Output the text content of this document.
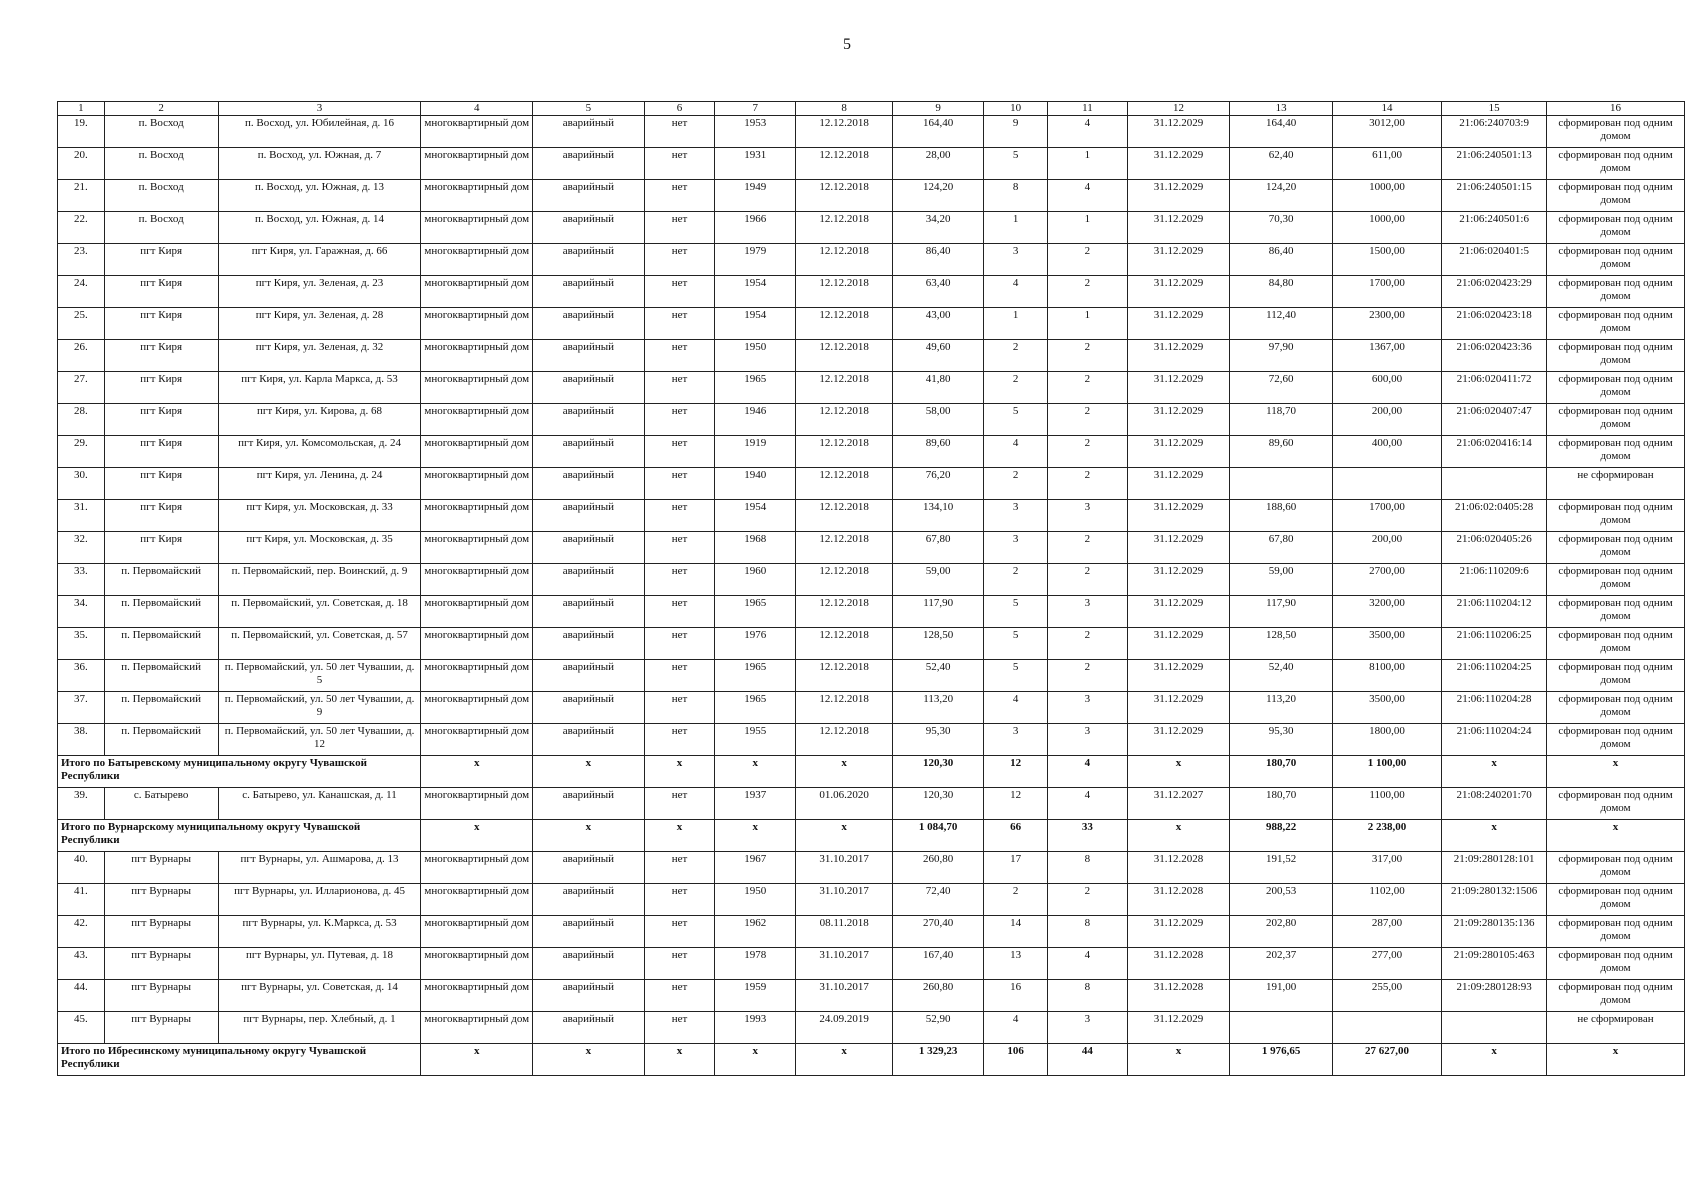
5
1	2	3	4	5	6	7	8	9	10	11	12	13	14	15	16
19.	п. Восход	п. Восход, ул. Юбилейная, д. 16	многоквартирный дом	аварийный	нет	1953	12.12.2018	164,40	9	4	31.12.2029	164,40	3012,00	21:06:240703:9	сформирован под одним домом
20.	п. Восход	п. Восход, ул. Южная, д. 7	многоквартирный дом	аварийный	нет	1931	12.12.2018	28,00	5	1	31.12.2029	62,40	611,00	21:06:240501:13	сформирован под одним домом
21.	п. Восход	п. Восход, ул. Южная, д. 13	многоквартирный дом	аварийный	нет	1949	12.12.2018	124,20	8	4	31.12.2029	124,20	1000,00	21:06:240501:15	сформирован под одним домом
22.	п. Восход	п. Восход, ул. Южная, д. 14	многоквартирный дом	аварийный	нет	1966	12.12.2018	34,20	1	1	31.12.2029	70,30	1000,00	21:06:240501:6	сформирован под одним домом
23.	пгт Киря	пгт Киря, ул. Гаражная, д. 66	многоквартирный дом	аварийный	нет	1979	12.12.2018	86,40	3	2	31.12.2029	86,40	1500,00	21:06:020401:5	сформирован под одним домом
24.	пгт Киря	пгт Киря, ул. Зеленая, д. 23	многоквартирный дом	аварийный	нет	1954	12.12.2018	63,40	4	2	31.12.2029	84,80	1700,00	21:06:020423:29	сформирован под одним домом
25.	пгт Киря	пгт Киря, ул. Зеленая, д. 28	многоквартирный дом	аварийный	нет	1954	12.12.2018	43,00	1	1	31.12.2029	112,40	2300,00	21:06:020423:18	сформирован под одним домом
26.	пгт Киря	пгт Киря, ул. Зеленая, д. 32	многоквартирный дом	аварийный	нет	1950	12.12.2018	49,60	2	2	31.12.2029	97,90	1367,00	21:06:020423:36	сформирован под одним домом
27.	пгт Киря	пгт Киря, ул. Карла Маркса, д. 53	многоквартирный дом	аварийный	нет	1965	12.12.2018	41,80	2	2	31.12.2029	72,60	600,00	21:06:020411:72	сформирован под одним домом
28.	пгт Киря	пгт Киря, ул. Кирова, д. 68	многоквартирный дом	аварийный	нет	1946	12.12.2018	58,00	5	2	31.12.2029	118,70	200,00	21:06:020407:47	сформирован под одним домом
29.	пгт Киря	пгт Киря, ул. Комсомольская, д. 24	многоквартирный дом	аварийный	нет	1919	12.12.2018	89,60	4	2	31.12.2029	89,60	400,00	21:06:020416:14	сформирован под одним домом
30.	пгт Киря	пгт Киря, ул. Ленина, д. 24	многоквартирный дом	аварийный	нет	1940	12.12.2018	76,20	2	2	31.12.2029				не сформирован
31.	пгт Киря	пгт Киря, ул. Московская, д. 33	многоквартирный дом	аварийный	нет	1954	12.12.2018	134,10	3	3	31.12.2029	188,60	1700,00	21:06:02:0405:28	сформирован под одним домом
32.	пгт Киря	пгт Киря, ул. Московская, д. 35	многоквартирный дом	аварийный	нет	1968	12.12.2018	67,80	3	2	31.12.2029	67,80	200,00	21:06:020405:26	сформирован под одним домом
33.	п. Первомайский	п. Первомайский, пер. Воинский, д. 9	многоквартирный дом	аварийный	нет	1960	12.12.2018	59,00	2	2	31.12.2029	59,00	2700,00	21:06:110209:6	сформирован под одним домом
34.	п. Первомайский	п. Первомайский, ул. Советская, д. 18	многоквартирный дом	аварийный	нет	1965	12.12.2018	117,90	5	3	31.12.2029	117,90	3200,00	21:06:110204:12	сформирован под одним домом
35.	п. Первомайский	п. Первомайский, ул. Советская, д. 57	многоквартирный дом	аварийный	нет	1976	12.12.2018	128,50	5	2	31.12.2029	128,50	3500,00	21:06:110206:25	сформирован под одним домом
36.	п. Первомайский	п. Первомайский, ул. 50 лет Чувашии, д. 5	многоквартирный дом	аварийный	нет	1965	12.12.2018	52,40	5	2	31.12.2029	52,40	8100,00	21:06:110204:25	сформирован под одним домом
37.	п. Первомайский	п. Первомайский, ул. 50 лет Чувашии, д. 9	многоквартирный дом	аварийный	нет	1965	12.12.2018	113,20	4	3	31.12.2029	113,20	3500,00	21:06:110204:28	сформирован под одним домом
38.	п. Первомайский	п. Первомайский, ул. 50 лет Чувашии, д. 12	многоквартирный дом	аварийный	нет	1955	12.12.2018	95,30	3	3	31.12.2029	95,30	1800,00	21:06:110204:24	сформирован под одним домом
Итого по Батыревскому муниципальному округу Чувашской Республики			x	x	x	x	x	120,30	12	4	x	180,70	1 100,00	x	x
39.	с. Батырево	с. Батырево, ул. Канашская, д. 11	многоквартирный дом	аварийный	нет	1937	01.06.2020	120,30	12	4	31.12.2027	180,70	1100,00	21:08:240201:70	сформирован под одним домом
Итого по Вурнарскому муниципальному округу Чувашской Республики			x	x	x	x	x	1 084,70	66	33	x	988,22	2 238,00	x	x
40.	пгт Вурнары	пгт Вурнары, ул. Ашмарова, д. 13	многоквартирный дом	аварийный	нет	1967	31.10.2017	260,80	17	8	31.12.2028	191,52	317,00	21:09:280128:101	сформирован под одним домом
41.	пгт Вурнары	пгт Вурнары, ул. Илларионова, д. 45	многоквартирный дом	аварийный	нет	1950	31.10.2017	72,40	2	2	31.12.2028	200,53	1102,00	21:09:280132:1506	сформирован под одним домом
42.	пгт Вурнары	пгт Вурнары, ул. К.Маркса, д. 53	многоквартирный дом	аварийный	нет	1962	08.11.2018	270,40	14	8	31.12.2029	202,80	287,00	21:09:280135:136	сформирован под одним домом
43.	пгт Вурнары	пгт Вурнары, ул. Путевая, д. 18	многоквартирный дом	аварийный	нет	1978	31.10.2017	167,40	13	4	31.12.2028	202,37	277,00	21:09:280105:463	сформирован под одним домом
44.	пгт Вурнары	пгт Вурнары, ул. Советская, д. 14	многоквартирный дом	аварийный	нет	1959	31.10.2017	260,80	16	8	31.12.2028	191,00	255,00	21:09:280128:93	сформирован под одним домом
45.	пгт Вурнары	пгт Вурнары, пер. Хлебный, д. 1	многоквартирный дом	аварийный	нет	1993	24.09.2019	52,90	4	3	31.12.2029				не сформирован
Итого по Ибресинскому муниципальному округу Чувашской Республики			x	x	x	x	x	1 329,23	106	44	x	1 976,65	27 627,00	x	x
